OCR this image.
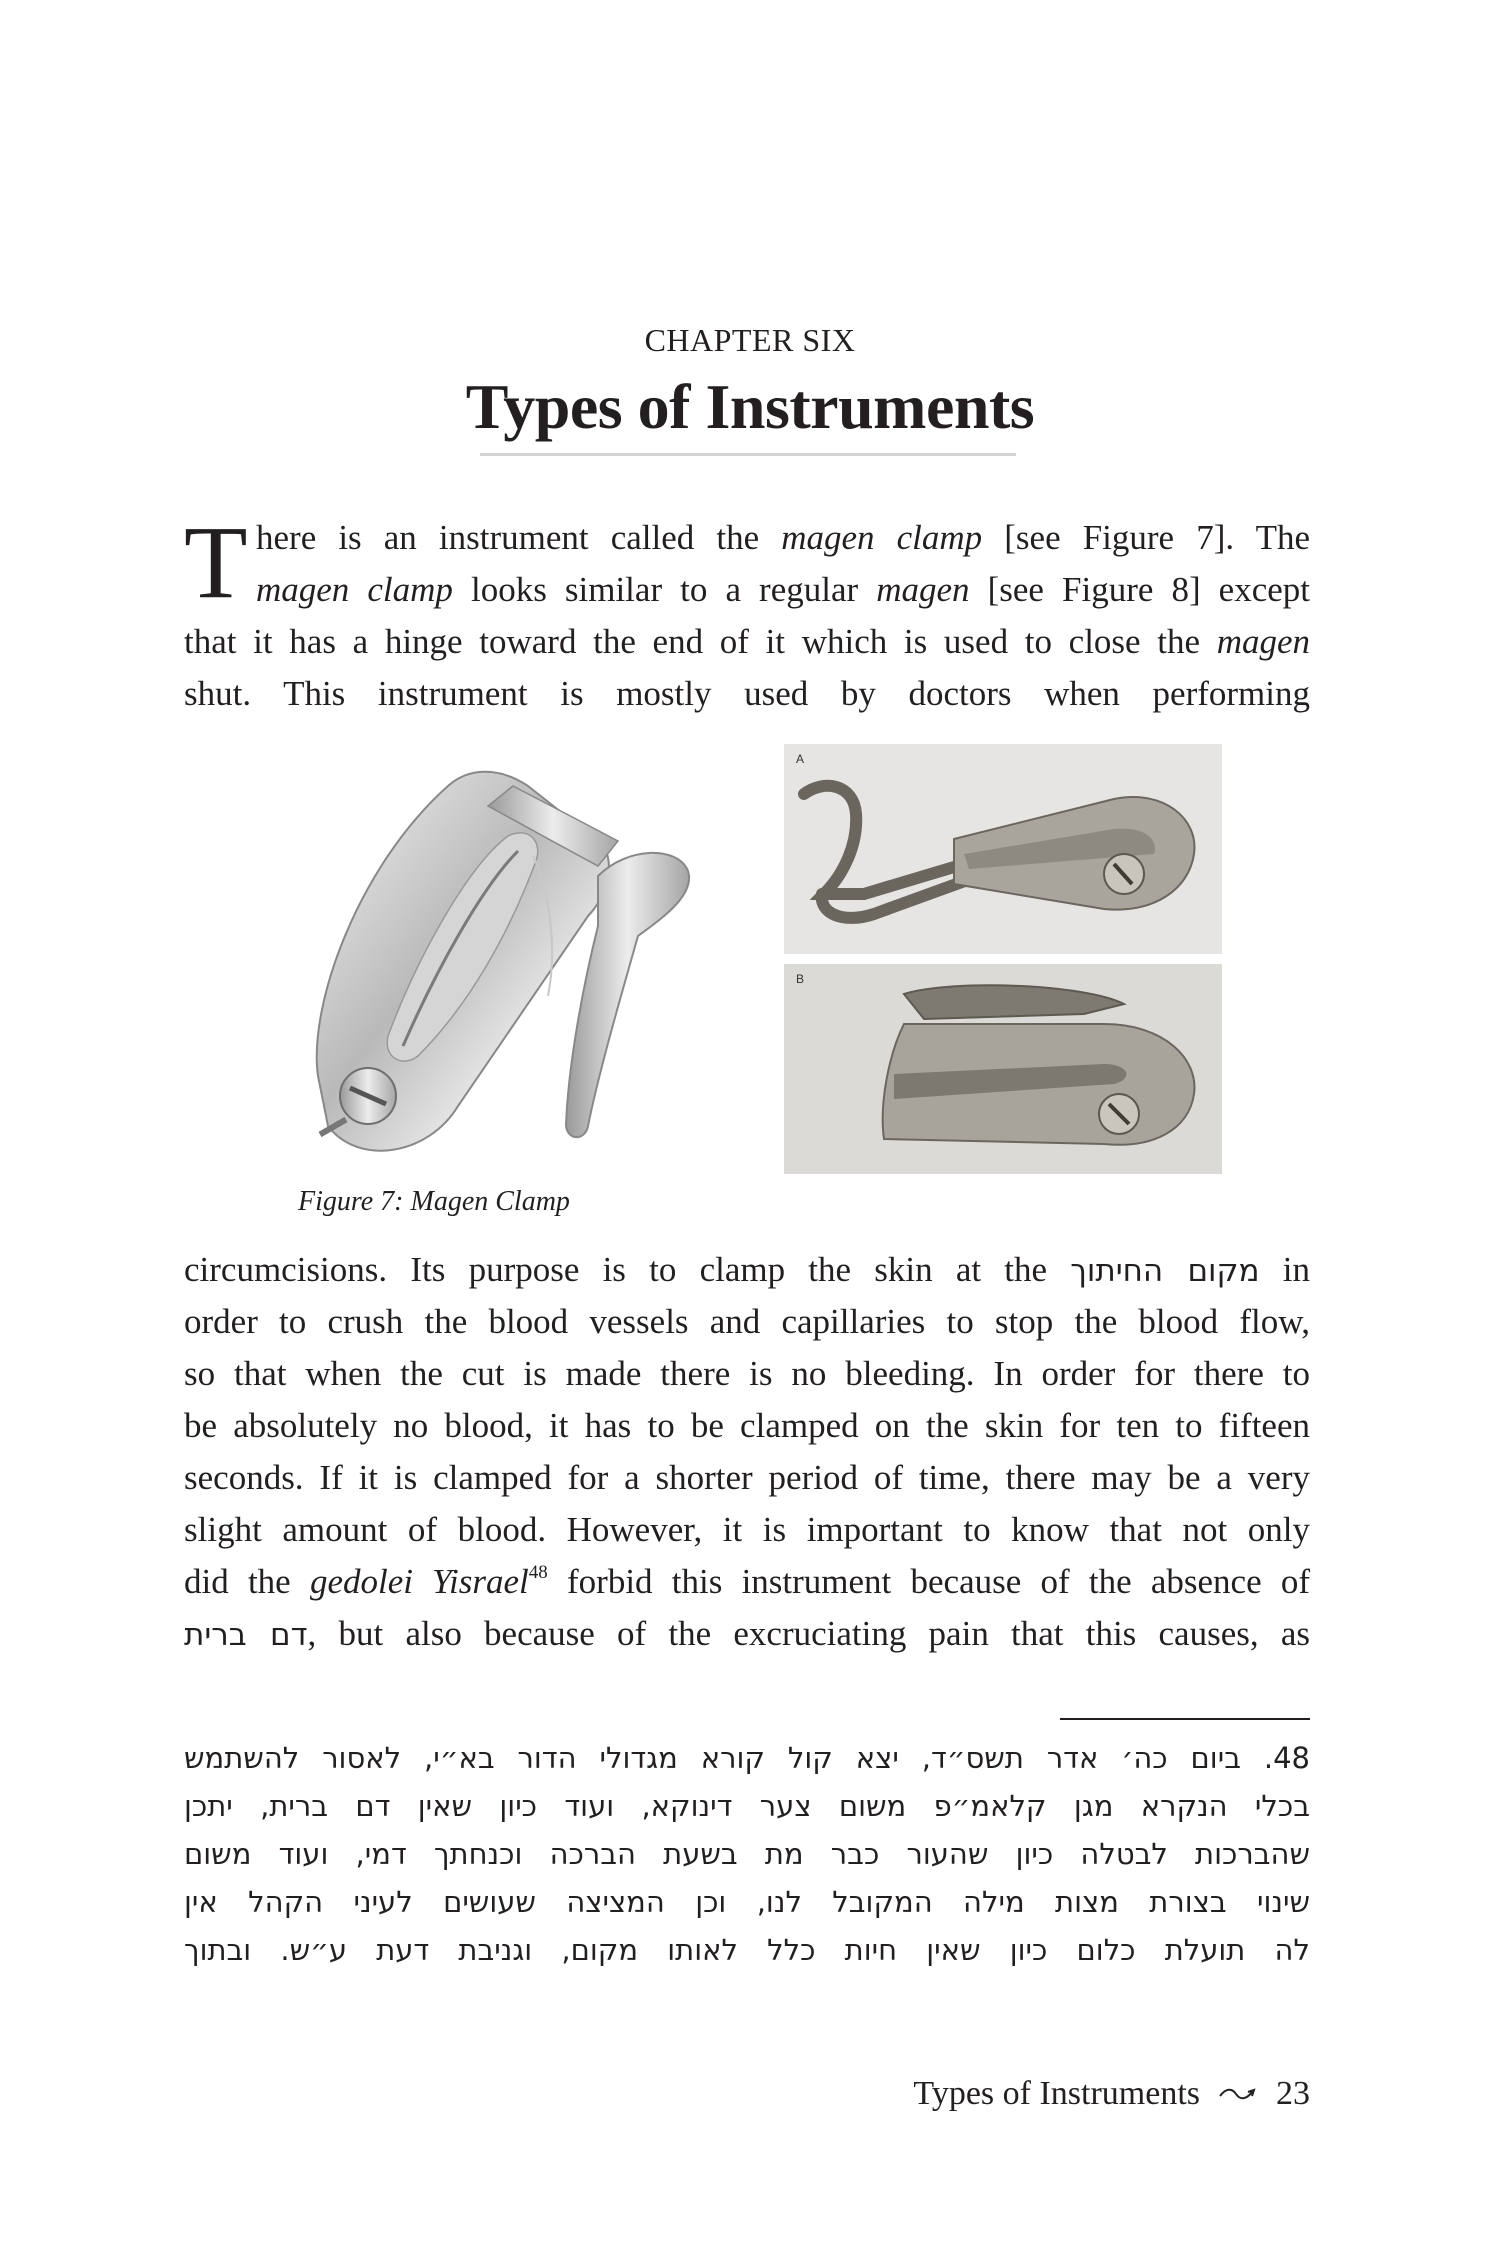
CHAPTER SIX
Types of Instruments
T here is an instrument called the magen clamp [see Figure 7]. The
magen clamp looks similar to a regular magen [see Figure 8] except
that it has a hinge toward the end of it which is used to close the magen
shut. This instrument is mostly used by doctors when performing
A
B
Figure 7: Magen Clamp
circumcisions. Its purpose is to clamp the skin at the מקום החיתוך in
order to crush the blood vessels and capillaries to stop the blood flow,
so that when the cut is made there is no bleeding. In order for there to
be absolutely no blood, it has to be clamped on the skin for ten to fifteen
seconds. If it is clamped for a shorter period of time, there may be a very
slight amount of blood. However, it is important to know that not only
did the gedolei Yisrael$^{48}$ forbid this instrument because of the absence of
דם ברית, but also because of the excruciating pain that this causes, as
48. ביום כה׳ אדר תשס״ד, יצא קול קורא מגדולי הדור בא״י, לאסור להשתמש
בכלי הנקרא מגן קלאמ״פ משום צער דינוקא, ועוד כיון שאין דם ברית, יתכן
שהברכות לבטלה כיון שהעור כבר מת בשעת הברכה וכנחתך דמי, ועוד משום
שינוי בצורת מצות מילה המקובל לנו, וכן המציצה שעושים לעיני הקהל אין
לה תועלת כלום כיון שאין חיות כלל לאותו מקום, וגניבת דעת ע״ש. ובתוך
Types of Instruments 23
